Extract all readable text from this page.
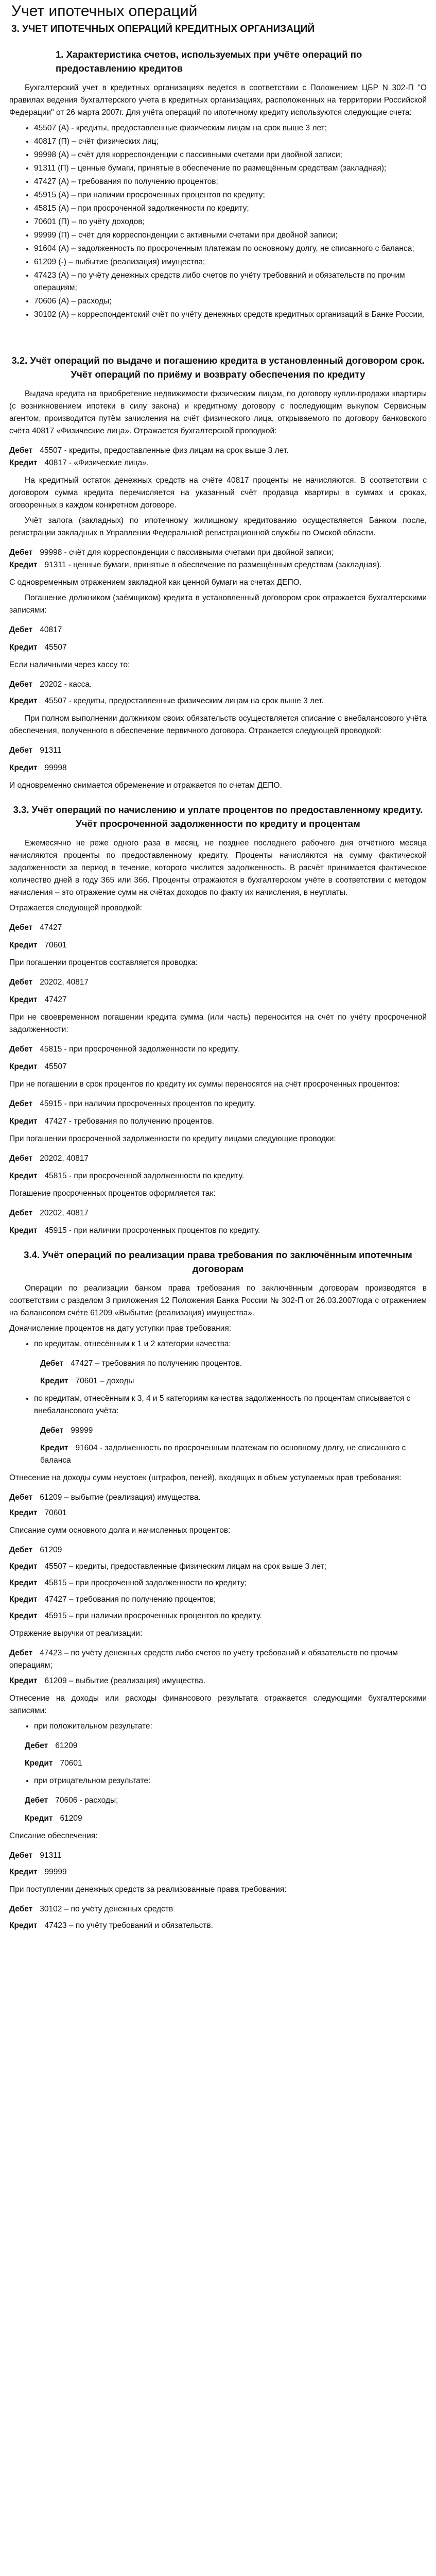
Учет ипотечных операций
3. УЧЕТ ИПОТЕЧНЫХ ОПЕРАЦИЙ КРЕДИТНЫХ ОРГАНИЗАЦИЙ
1. Характеристика счетов, используемых при учёте операций по предоставлению кредитов

Бухгалтерский учет в кредитных организациях ведется в соответствии с Положением ЦБР N 302-П "О правилах ведения бухгалтерского учета в кредитных организациях, расположенных на территории Российской Федерации" от 26 марта 2007г. Для учёта операций по ипотечному кредиту используются следующие счета:

• 45507 (А) - кредиты, предоставленные физическим лицам на срок выше 3 лет;
• 40817 (П) – счёт физических лиц;
• 99998 (А) – счёт для корреспонденции с пассивными счетами при двойной записи;
• 91311 (П) – ценные бумаги, принятые в обеспечение по размещённым средствам (закладная);
• 47427 (А) – требования по получению процентов;
• 45915 (А) – при наличии просроченных процентов по кредиту;
• 45815 (А) – при просроченной задолженности по кредиту;
• 70601 (П) – по учёту доходов;
• 99999 (П) – счёт для корреспонденции с активными счетами при двойной записи;
• 91604 (А) – задолженность по просроченным платежам по основному долгу, не списанного с баланса;
• 61209 (-) – выбытие (реализация) имущества;
• 47423 (А) – по учёту денежных средств либо счетов по учёту требований и обязательств по прочим операциям;
• 70606 (А) – расходы;
• 30102 (А) – корреспондентский счёт по учёту денежных средств кредитных организаций в Банке России,
3.2. Учёт операций по выдаче и погашению кредита в установленный договором срок. Учёт операций по приёму и возврату обеспечения по кредиту

Выдача кредита на приобретение недвижимости физическим лицам, по договору купли-продажи квартиры (с возникновением ипотеки в силу закона) и кредитному договору с последующим выкупом Сервисным агентом, производится путём зачисления на счёт физического лица, открываемого по договору банковского счёта 40817 «Физические лица». Отражается бухгалтерской проводкой:

Дебет 45507 - кредиты, предоставленные физ лицам на срок выше 3 лет.
Кредит 40817 - «Физические лица».

На кредитный остаток денежных средств на счёте 40817 проценты не начисляются. В соответствии с договором сумма кредита перечисляется на указанный счёт продавца квартиры в суммах и сроках, оговоренных в каждом конкретном договоре.

Учёт залога (закладных) по ипотечному жилищному кредитованию осуществляется Банком после, регистрации закладных в Управлении Федеральной регистрационной службы по Омской области.

Дебет 99998 - счёт для корреспонденции с пассивными счетами при двойной записи;
Кредит 91311 - ценные бумаги, принятые в обеспечение по размещённым средствам (закладная).

С одновременным отражением закладной как ценной бумаги на счетах ДЕПО.

Погашение должником (заёмщиком) кредита в установленный договором срок отражается бухгалтерскими записями:

Дебет 40817
Кредит 45507

Если наличными через кассу то:

Дебет 20202 - касса.
Кредит 45507 - кредиты, предоставленные физическим лицам на срок выше 3 лет.

При полном выполнении должником своих обязательств осуществляется списание с внебалансового учёта обеспечения, полученного в обеспечение первичного договора. Отражается следующей проводкой:

Дебет 91311
Кредит 99998

И одновременно снимается обременение и отражается по счетам ДЕПО.

3.3. Учёт операций по начислению и уплате процентов по предоставленному кредиту. Учёт просроченной задолженности по кредиту и процентам

Ежемесячно не реже одного раза в месяц, не позднее последнего рабочего дня отчётного месяца начисляются проценты по предоставленному кредиту. Проценты начисляются на сумму фактической задолженности за период в течение, которого числится задолженность. В расчёт принимается фактическое количество дней в году 365 или 366. Проценты отражаются в бухгалтерском учёте в соответствии с методом начисления – это отражение сумм на счётах доходов по факту их начисления, в неуплаты.

Отражается следующей проводкой:

Дебет 47427
Кредит 70601

При погашении процентов составляется проводка:

Дебет 20202, 40817
Кредит 47427

При не своевременном погашении кредита сумма (или часть) переносится на счёт по учёту просроченной задолженности:

Дебет 45815 - при просроченной задолженности по кредиту.
Кредит 45507

При не погашении в срок процентов по кредиту их суммы переносятся на счёт просроченных процентов:

Дебет 45915 - при наличии просроченных процентов по кредиту.
Кредит 47427 - требования по получению процентов.

При погашении просроченной задолженности по кредиту лицами следующие проводки:

Дебет 20202, 40817
Кредит 45815 - при просроченной задолженности по кредиту.

Погашение просроченных процентов оформляется так:

Дебет 20202, 40817
Кредит 45915 - при наличии просроченных процентов по кредиту.
3.4. Учёт операций по реализации права требования по заключённым ипотечным договорам

Операции по реализации банком права требования по заключённым договорам производятся в соответствии с разделом 3 приложения 12 Положения Банка России № 302-П от 26.03.2007года с отражением на балансовом счёте 61209 «Выбытие (реализация) имущества».

Доначисление процентов на дату уступки прав требования:

• по кредитам, отнесённым к 1 и 2 категории качества:
Дебет 47427 – требования по получению процентов.
Кредит 70601 – доходы
• по кредитам, отнесённым к 3, 4 и 5 категориям качества задолженность по процентам списывается с внебалансового учёта:
Дебет 99999
Кредит 91604 - задолженность по просроченным платежам по основному долгу, не списанного с баланса

Отнесение на доходы сумм неустоек (штрафов, пеней), входящих в объем уступаемых прав требования:

Дебет 61209 – выбытие (реализация) имущества.
Кредит 70601

Списание сумм основного долга и начисленных процентов:

Дебет 61209
Кредит 45507 – кредиты, предоставленные физическим лицам на срок выше 3 лет;
Кредит 45815 – при просроченной задолженности по кредиту;
Кредит 47427 – требования по получению процентов;
Кредит 45915 – при наличии просроченных процентов по кредиту.

Отражение выручки от реализации:

Дебет 47423 – по учёту денежных средств либо счетов по учёту требований и обязательств по прочим операциям;
Кредит 61209 – выбытие (реализация) имущества.

Отнесение на доходы или расходы финансового результата отражается следующими бухгалтерскими записями:

• при положительном результате:
Дебет 61209
Кредит 70601
• при отрицательном результате:
Дебет 70606 - расходы;
Кредит 61209

Списание обеспечения:

Дебет 91311
Кредит 99999

При поступлении денежных средств за реализованные права требования:

Дебет 30102 – по учёту денежных средств
Кредит 47423 – по учёту требований и обязательств.
